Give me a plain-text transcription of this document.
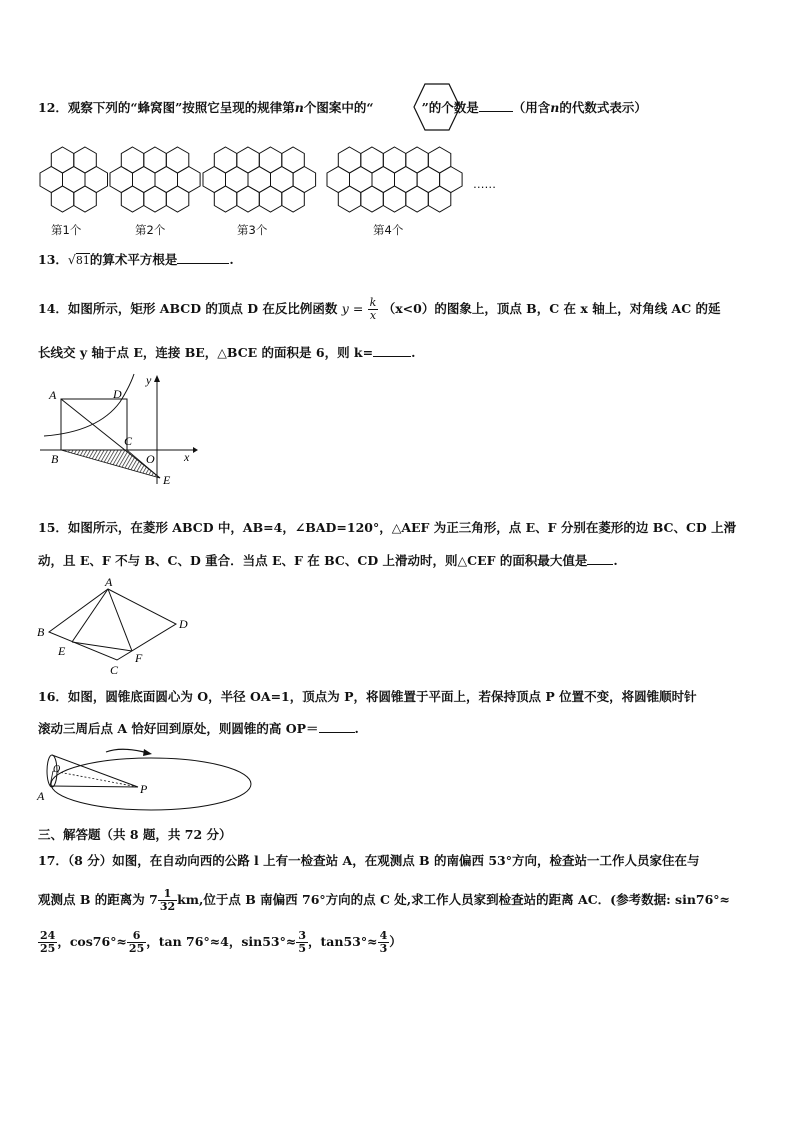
12．观察下列的“蜂窝图”按照它呈现的规律第n个图案中的“	”的个数是	（用含n的代数式表示）
第1个	第2个	第3个	第4个
……
13．√81的算术平方根是	.
14．如图所示，矩形 ABCD 的顶点 D 在反比例函数 $y = \frac{k}{x} (x<0)$的图象上，顶点 B，C 在 x 轴上，对角线 AC 的延
长线交 y 轴于点 E，连接 BE，△BCE 的面积是 6，则 k=	.
A	D
y
C
B	O x
E
15．如图所示，在菱形 ABCD 中，AB=4，∠BAD=120°，△AEF 为正三角形，点 E、F 分别在菱形的边 BC、CD 上滑
动，且 E、F 不与 B、C、D 重合．当点 E、F 在 BC、CD 上滑动时，则△CEF 的面积最大值是 .
A
B
D
E	F
C
16．如图，圆锥底面圆心为 O，半径 OA=1，顶点为 P，将圆锥置于平面上，若保持顶点 P 位置不变，将圆锥顺时针
滚动三周后点 A 恰好回到原处，则圆锥的高 OP＝	.
O
A	P
三、解答题（共 8 题，共 72 分）
17．（8 分）如图，在自动向西的公路 l 上有一检查站 A，在观测点 B 的南偏西 53°方向，检查站一工作人员家住在与
观测点 B 的距离为 $7 \frac{1}{32}$ km,位于点 B 南偏西 76°方向的点 C 处,求工作人员家到检查站的距离 AC．(参考数据: sin76°≈
$\frac{24}{25}$ ，$\cos 76^\circ\approx \frac{6}{25}$ ，tan 76°≈4，$\sin 53^\circ\approx \frac{3}{5}$ ，$\tan 53^\circ\approx \frac{4}{3}$ ）
